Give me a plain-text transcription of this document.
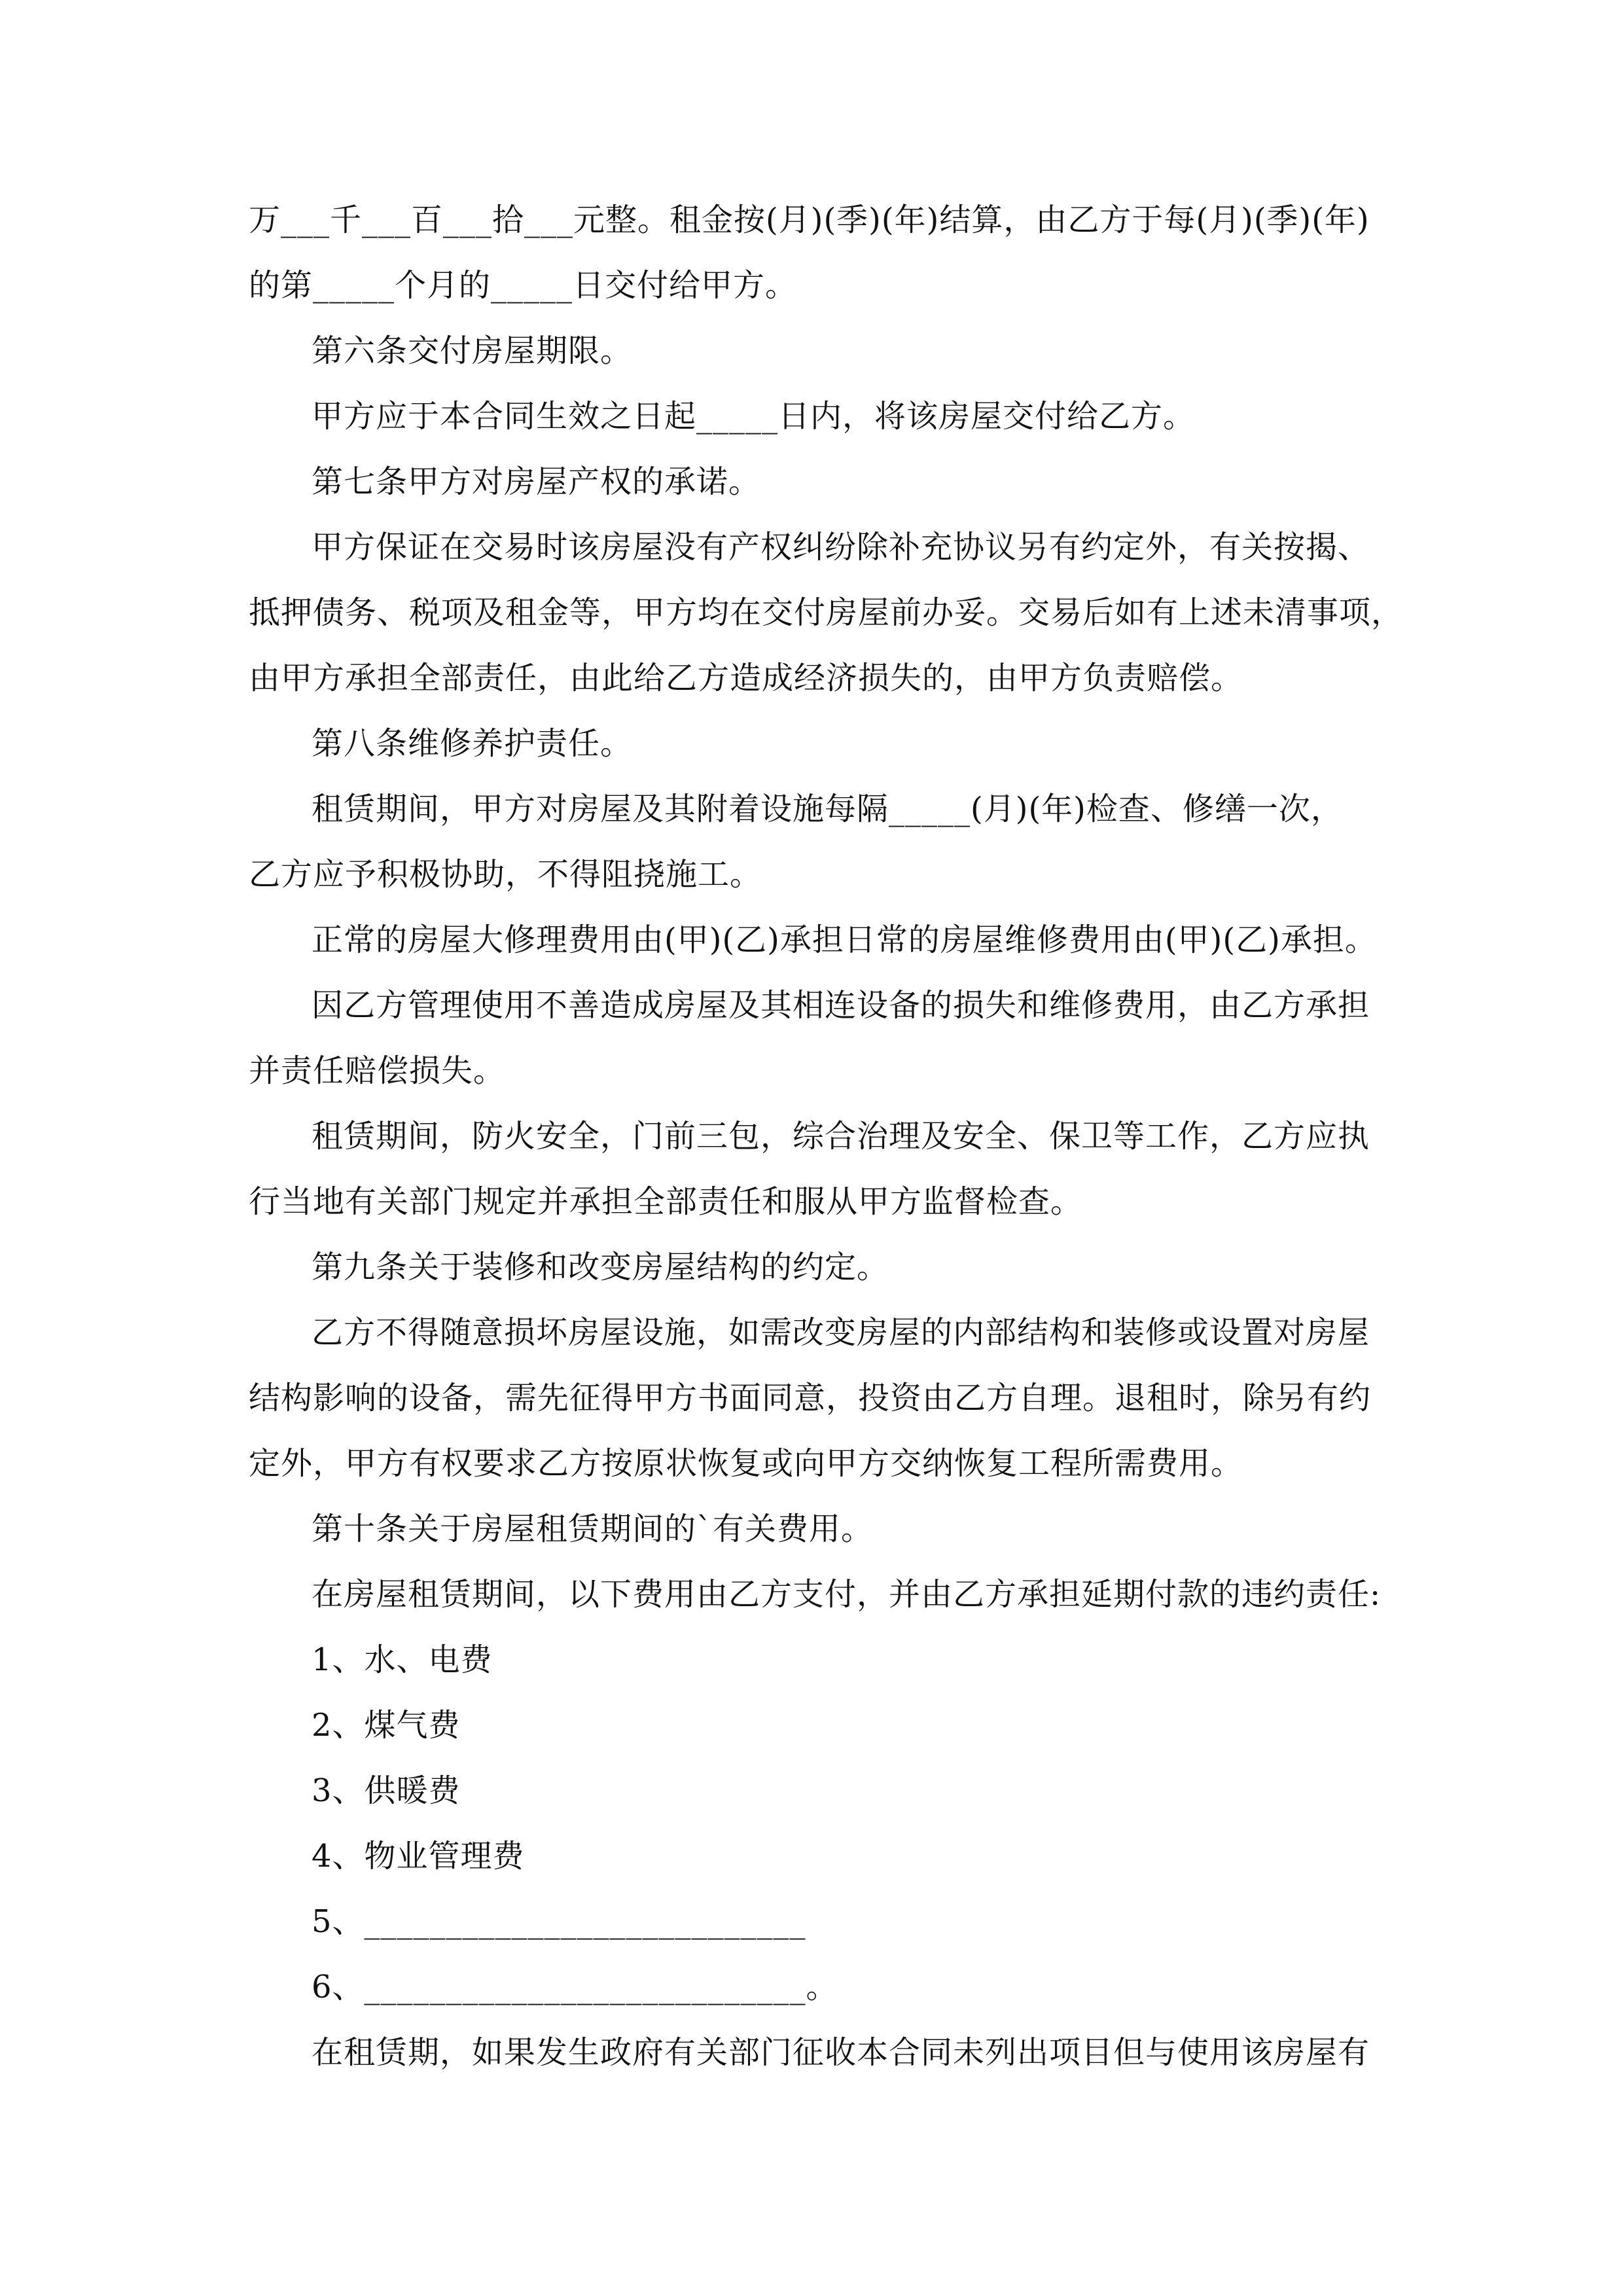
万___千___百___拾___元整。租金按(月)(季)(年)结算，由乙方于每(月)(季)(年)
的第_____个月的_____日交付给甲方。
第六条交付房屋期限。
甲方应于本合同生效之日起_____日内，将该房屋交付给乙方。
第七条甲方对房屋产权的承诺。
甲方保证在交易时该房屋没有产权纠纷除补充协议另有约定外，有关按揭、
抵押债务、税项及租金等，甲方均在交付房屋前办妥。交易后如有上述未清事项，
由甲方承担全部责任，由此给乙方造成经济损失的，由甲方负责赔偿。
第八条维修养护责任。
租赁期间，甲方对房屋及其附着设施每隔_____(月)(年)检查、修缮一次，
乙方应予积极协助，不得阻挠施工。
正常的房屋大修理费用由(甲)(乙)承担日常的房屋维修费用由(甲)(乙)承担。
因乙方管理使用不善造成房屋及其相连设备的损失和维修费用，由乙方承担
并责任赔偿损失。
租赁期间，防火安全，门前三包，综合治理及安全、保卫等工作，乙方应执
行当地有关部门规定并承担全部责任和服从甲方监督检查。
第九条关于装修和改变房屋结构的约定。
乙方不得随意损坏房屋设施，如需改变房屋的内部结构和装修或设置对房屋
结构影响的设备，需先征得甲方书面同意，投资由乙方自理。退租时，除另有约
定外，甲方有权要求乙方按原状恢复或向甲方交纳恢复工程所需费用。
第十条关于房屋租赁期间的`有关费用。
在房屋租赁期间，以下费用由乙方支付，并由乙方承担延期付款的违约责任:
1、水、电费
2、煤气费
3、供暖费
4、物业管理费
5、___________________________
6、___________________________。
在租赁期，如果发生政府有关部门征收本合同未列出项目但与使用该房屋有
